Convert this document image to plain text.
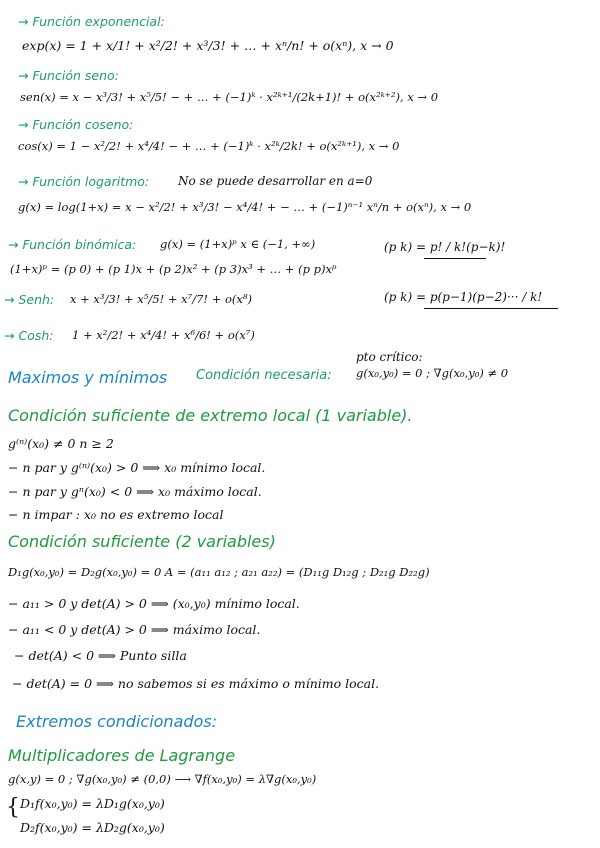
→ Función exponencial:
exp(x) = 1 + x/1! + x²/2! + x³/3! + … + xⁿ/n! + o(xⁿ), x → 0
→ Función seno:
sen(x) = x − x³/3! + x⁵/5! − + … + (−1)ᵏ · x²ᵏ⁺¹/(2k+1)! + o(x²ᵏ⁺²), x → 0
→ Función coseno:
cos(x) = 1 − x²/2! + x⁴/4! − + … + (−1)ᵏ · x²ᵏ/2k! + o(x²ᵏ⁺¹), x → 0
→ Función logaritmo: No se puede desarrollar en a=0
g(x) = log(1+x) = x − x²/2! + x³/3! − x⁴/4! + − … + (−1)ⁿ⁻¹ xⁿ/n + o(xⁿ), x → 0
→ Función binómica: g(x) = (1+x)ᵖ x ∈ (−1, +∞)
(1+x)ᵖ = (p 0) + (p 1)x + (p 2)x² + (p 3)x³ + … + (p p)xᵖ
(p k) = p! / k!(p−k)!
(p k) = p(p−1)(p−2)··· / k!
→ Senh: x + x³/3! + x⁵/5! + x⁷/7! + o(x⁸)
→ Cosh: 1 + x²/2! + x⁴/4! + x⁶/6! + o(x⁷)
Maximos y mínimos Condición necesaria:
pto crítico:
g(x₀,y₀) = 0 ; ∇g(x₀,y₀) ≠ 0
Condición suficiente de extremo local (1 variable).
g⁽ⁿ⁾(x₀) ≠ 0 n ≥ 2
− n par y g⁽ⁿ⁾(x₀) > 0 ⟹ x₀ mínimo local.
− n par y gⁿ(x₀) < 0 ⟹ x₀ máximo local.
− n impar : x₀ no es extremo local
Condición suficiente (2 variables)
D₁g(x₀,y₀) = D₂g(x₀,y₀) = 0 A = (a₁₁ a₁₂ ; a₂₁ a₂₂) = (D₁₁g D₁₂g ; D₂₁g D₂₂g)
− a₁₁ > 0 y det(A) > 0 ⟹ (x₀,y₀) mínimo local.
− a₁₁ < 0 y det(A) > 0 ⟹ máximo local.
− det(A) < 0 ⟹ Punto silla
− det(A) = 0 ⟹ no sabemos si es máximo o mínimo local.
Extremos condicionados:
Multiplicadores de Lagrange
g(x,y) = 0 ; ∇g(x₀,y₀) ≠ (0,0) ⟶ ∇f(x₀,y₀) = λ∇g(x₀,y₀)
{ D₁f(x₀,y₀) = λD₁g(x₀,y₀)
D₂f(x₀,y₀) = λD₂g(x₀,y₀)
